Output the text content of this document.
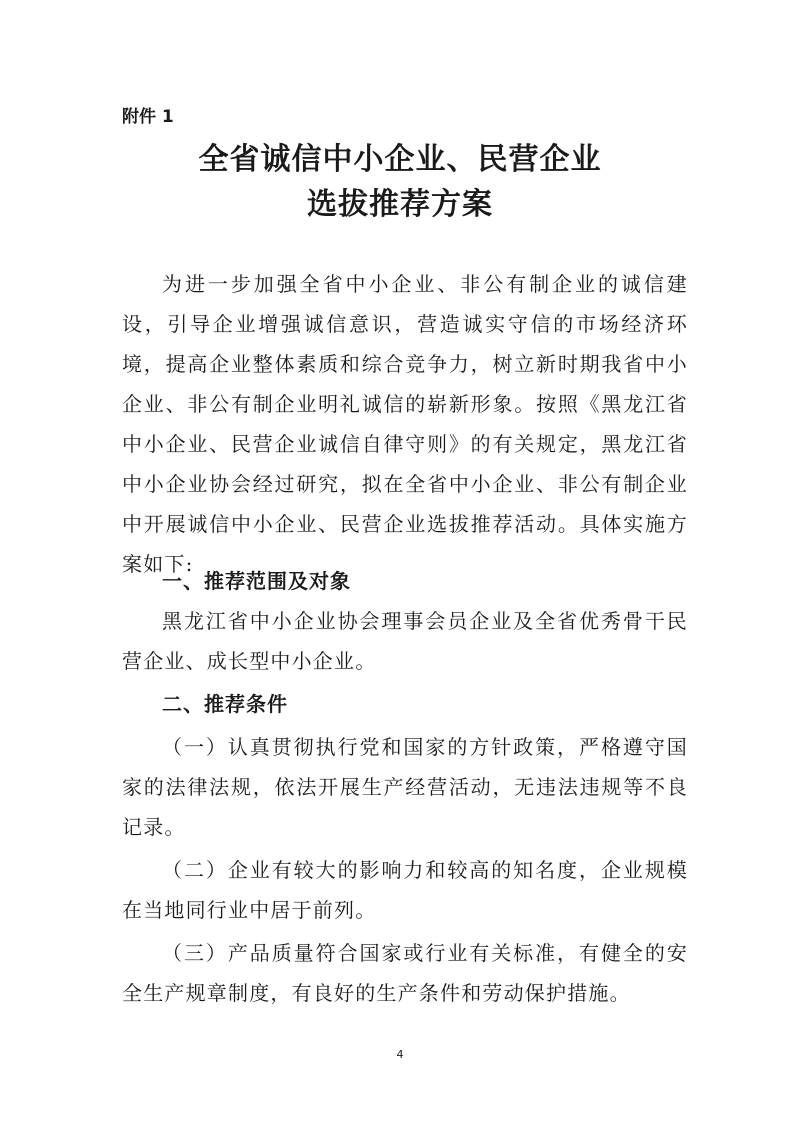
附件 1
全省诚信中小企业、民营企业
选拔推荐方案

为进一步加强全省中小企业、非公有制企业的诚信建设，引导企业增强诚信意识，营造诚实守信的市场经济环境，提高企业整体素质和综合竞争力，树立新时期我省中小企业、非公有制企业明礼诚信的崭新形象。按照《黑龙江省中小企业、民营企业诚信自律守则》的有关规定，黑龙江省中小企业协会经过研究，拟在全省中小企业、非公有制企业中开展诚信中小企业、民营企业选拔推荐活动。具体实施方案如下:

一、推荐范围及对象

黑龙江省中小企业协会理事会员企业及全省优秀骨干民营企业、成长型中小企业。

二、推荐条件

（一）认真贯彻执行党和国家的方针政策，严格遵守国家的法律法规，依法开展生产经营活动，无违法违规等不良记录。

（二）企业有较大的影响力和较高的知名度，企业规模在当地同行业中居于前列。

（三）产品质量符合国家或行业有关标准，有健全的安全生产规章制度，有良好的生产条件和劳动保护措施。

4
